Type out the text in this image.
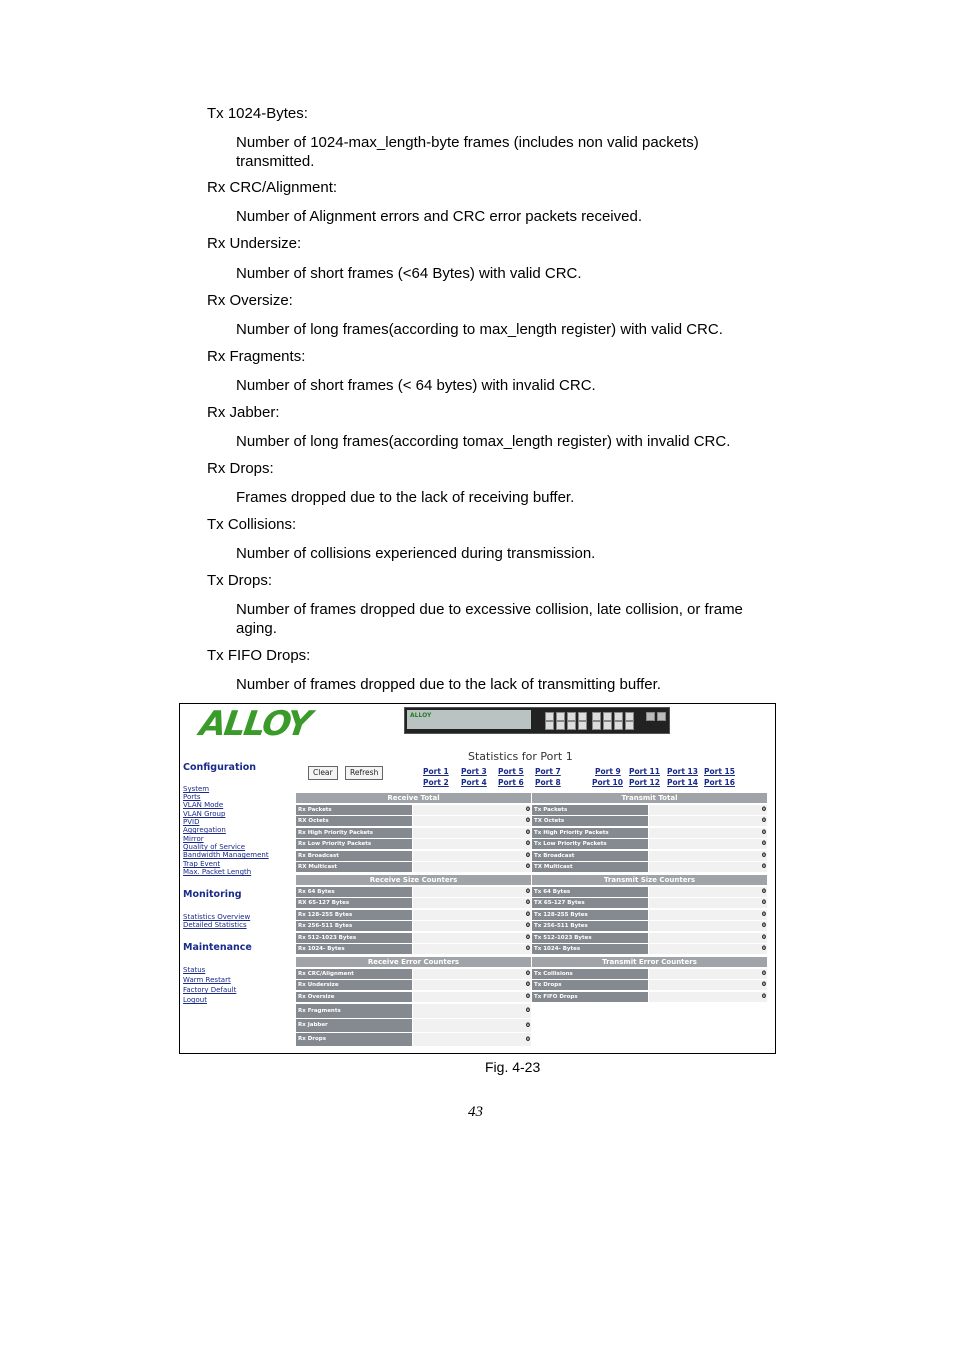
Tx 1024-Bytes:
Number of 1024-max_length-byte frames (includes non valid packets) transmitted.
Rx CRC/Alignment:
Number of Alignment errors and CRC error packets received.
Rx Undersize:
Number of short frames (<64 Bytes) with valid CRC.
Rx Oversize:
Number of long frames(according to max_length register) with valid CRC.
Rx Fragments:
Number of short frames (< 64 bytes) with invalid CRC.
Rx Jabber:
Number of long frames(according tomax_length register) with invalid CRC.
Rx Drops:
Frames dropped due to the lack of receiving buffer.
Tx Collisions:
Number of collisions experienced during transmission.
Tx Drops:
Number of frames dropped due to excessive collision, late collision, or frame aging.
Tx FIFO Drops:
Number of frames dropped due to the lack of transmitting buffer.
ALLOY	ALLOY
Configuration
System
Ports
VLAN Mode
VLAN Group
PVID
Aggregation
Mirror
Quality of Service
Bandwidth Management
Trap Event
Max. Packet Length
Monitoring
Statistics Overview
Detailed Statistics
Maintenance
Status
Warm Restart
Factory Default
Logout
Statistics for Port 1
Clear	Refresh	Port 1 Port 3 Port 5 Port 7	Port 9 Port 11 Port 13 Port 15
Port 2 Port 4 Port 6 Port 8	Port 10 Port 12 Port 14 Port 16
Receive Total
Rx Packets	0
RX Octets	0
Rx High Priority Packets	0
Rx Low Priority Packets	0
Rx Broadcast	0
RX Multicast	0
Transmit Total
Tx Packets	0
TX Octets	0
Tx High Priority Packets	0
Tx Low Priority Packets	0
Tx Broadcast	0
TX Multicast	0
Receive Size Counters
Rx 64 Bytes	0
RX 65-127 Bytes	0
Rx 128-255 Bytes	0
Rx 256-511 Bytes	0
Rx 512-1023 Bytes	0
Rx 1024- Bytes	0
Transmit Size Counters
Tx 64 Bytes	0
TX 65-127 Bytes	0
Tx 128-255 Bytes	0
Tx 256-511 Bytes	0
Tx 512-1023 Bytes	0
Tx 1024- Bytes	0
Receive Error Counters
Rx CRC/Alignment	0
Rx Undersize	0
Rx Oversize	0
Rx Fragments	0
Rx Jabber	0
Rx Drops	0
Transmit Error Counters
Tx Collisions	0
Tx Drops	0
Tx FIFO Drops	0
Fig. 4-23
43
